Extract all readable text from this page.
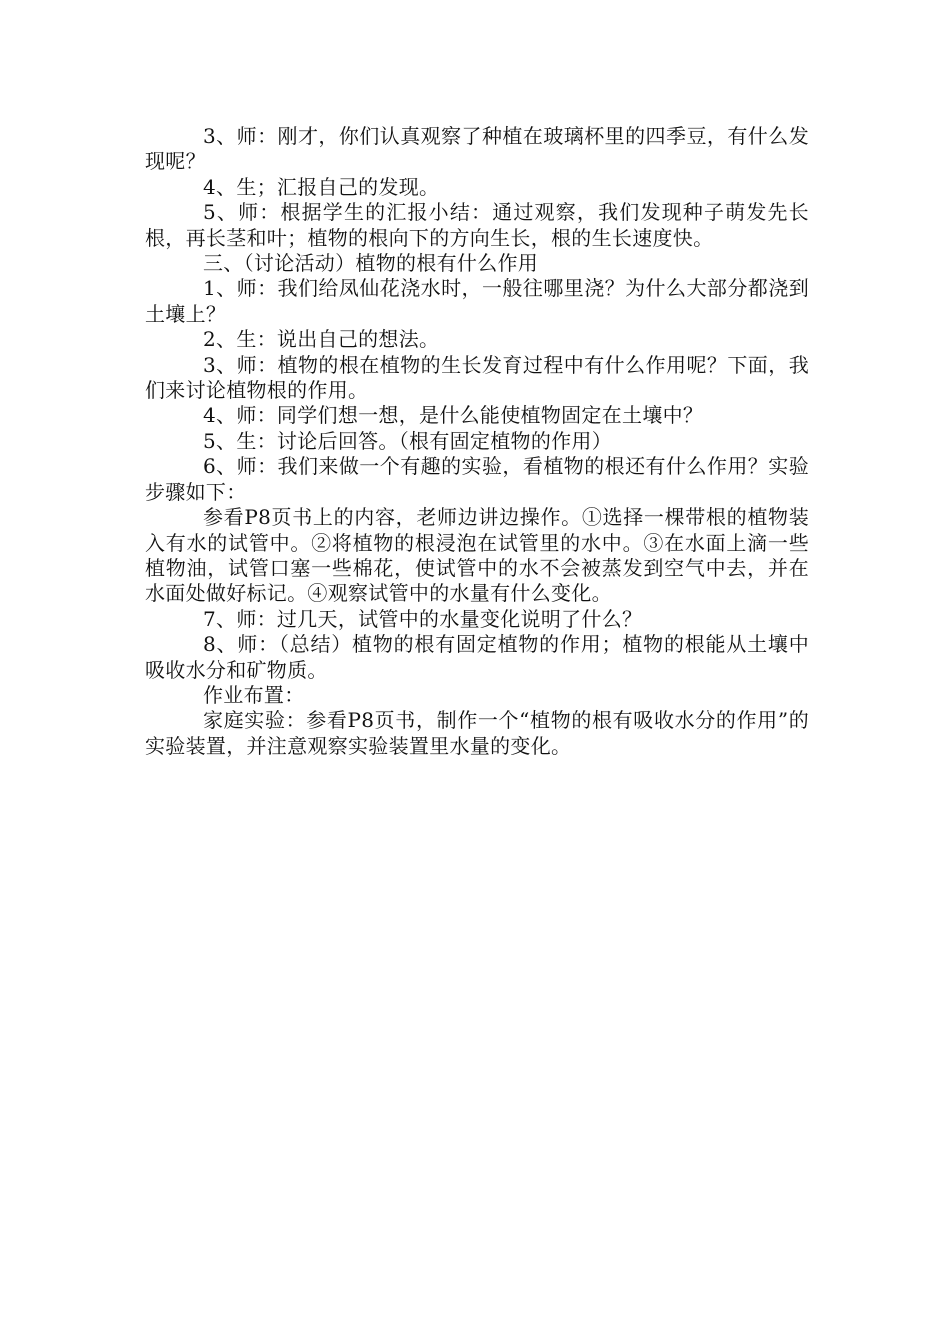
3、师：刚才，你们认真观察了种植在玻璃杯里的四季豆，有什么发现呢？

4、生；汇报自己的发现。

5、师：根据学生的汇报小结：通过观察，我们发现种子萌发先长根，再长茎和叶；植物的根向下的方向生长，根的生长速度快。

三、（讨论活动）植物的根有什么作用

1、师：我们给凤仙花浇水时，一般往哪里浇？为什么大部分都浇到土壤上？

2、生：说出自己的想法。

3、师：植物的根在植物的生长发育过程中有什么作用呢？下面，我们来讨论植物根的作用。

4、师：同学们想一想，是什么能使植物固定在土壤中？

5、生：讨论后回答。（根有固定植物的作用）

6、师：我们来做一个有趣的实验，看植物的根还有什么作用？实验步骤如下：

参看P8页书上的内容，老师边讲边操作。①选择一棵带根的植物装入有水的试管中。②将植物的根浸泡在试管里的水中。③在水面上滴一些植物油，试管口塞一些棉花，使试管中的水不会被蒸发到空气中去，并在水面处做好标记。④观察试管中的水量有什么变化。

7、师：过几天，试管中的水量变化说明了什么？

8、师：（总结）植物的根有固定植物的作用；植物的根能从土壤中吸收水分和矿物质。

作业布置：

家庭实验：参看P8页书，制作一个“植物的根有吸收水分的作用”的实验装置，并注意观察实验装置里水量的变化。
